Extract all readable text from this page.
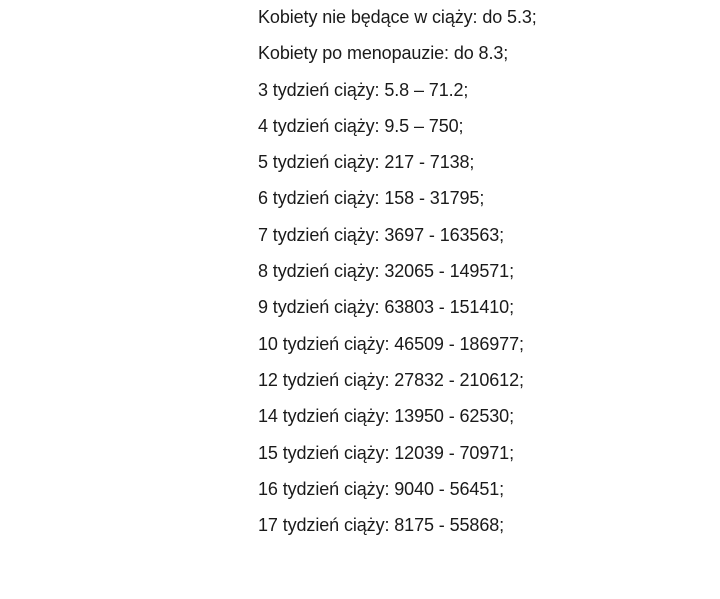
Kobiety nie będące w ciąży: do 5.3;
Kobiety po menopauzie: do 8.3;
3 tydzień ciąży: 5.8 – 71.2;
4 tydzień ciąży: 9.5 – 750;
5 tydzień ciąży: 217 - 7138;
6 tydzień ciąży: 158 - 31795;
7 tydzień ciąży: 3697 - 163563;
8 tydzień ciąży: 32065 - 149571;
9 tydzień ciąży: 63803 - 151410;
10 tydzień ciąży: 46509 - 186977;
12 tydzień ciąży: 27832 - 210612;
14 tydzień ciąży: 13950 - 62530;
15 tydzień ciąży: 12039 - 70971;
16 tydzień ciąży: 9040 - 56451;
17 tydzień ciąży: 8175 - 55868;
